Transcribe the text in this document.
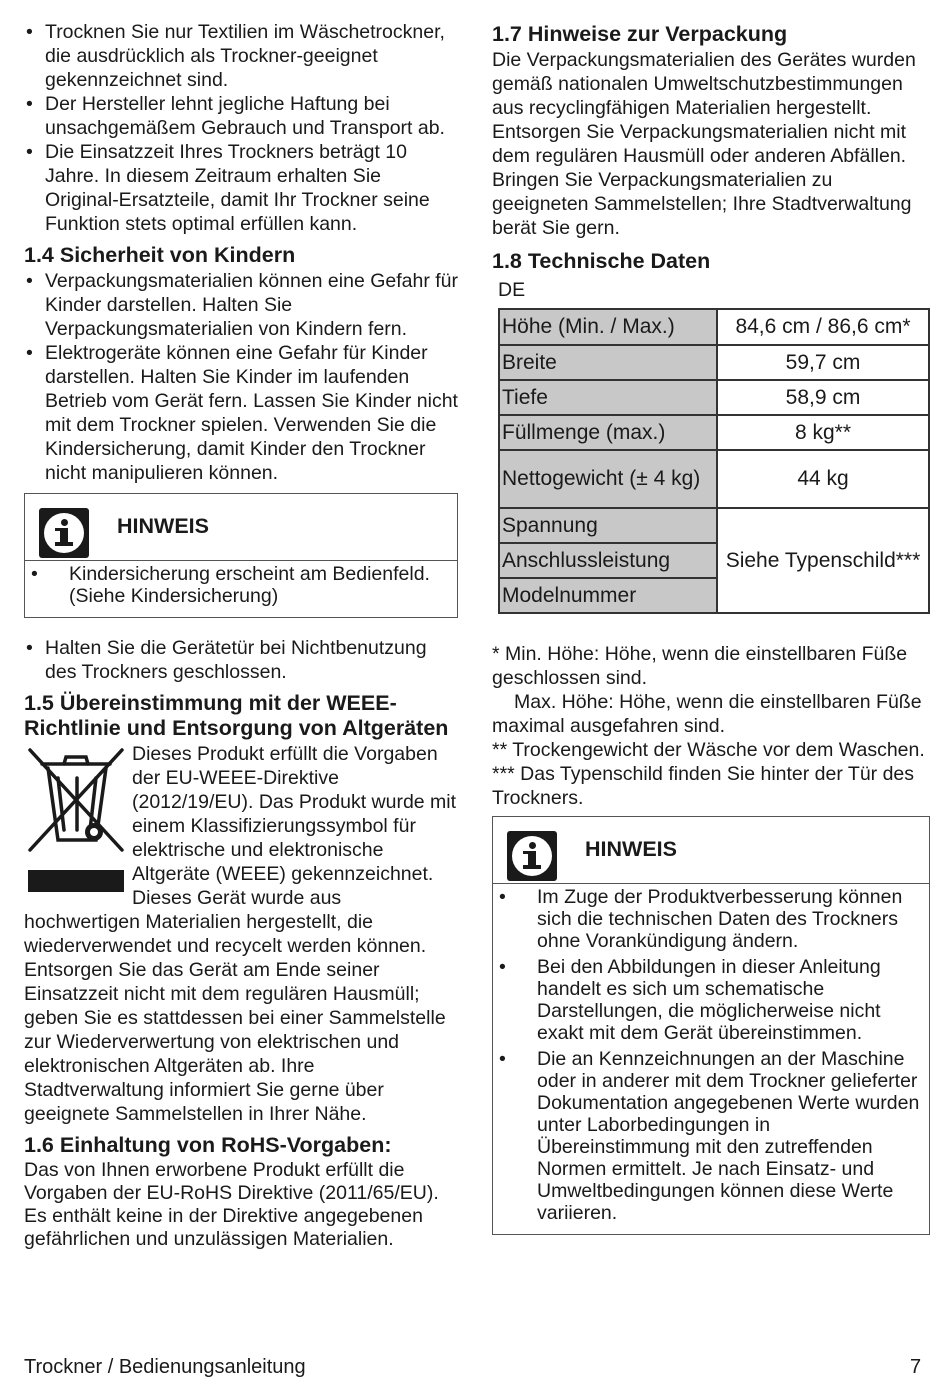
• Trocknen Sie nur Textilien im Wäschetrockner, die ausdrücklich als Trockner-geeignet gekennzeichnet sind.
• Der Hersteller lehnt jegliche Haftung bei unsachgemäßem Gebrauch und Transport ab.
• Die Einsatzzeit Ihres Trockners beträgt 10 Jahre. In diesem Zeitraum erhalten Sie Original-Ersatzteile, damit Ihr Trockner seine Funktion stets optimal erfüllen kann.
1.4 Sicherheit von Kindern
• Verpackungsmaterialien können eine Gefahr für Kinder darstellen. Halten Sie Verpackungsmaterialien von Kindern fern.
• Elektrogeräte können eine Gefahr für Kinder darstellen. Halten Sie Kinder im laufenden Betrieb vom Gerät fern. Lassen Sie Kinder nicht mit dem Trockner spielen. Verwenden Sie die Kindersicherung, damit Kinder den Trockner nicht manipulieren können.
HINWEIS
• Kindersicherung erscheint am Bedienfeld. (Siehe Kindersicherung)
• Halten Sie die Gerätetür bei Nichtbenutzung des Trockners geschlossen.
1.5 Übereinstimmung mit der WEEE-Richtlinie und Entsorgung von Altgeräten

Dieses Produkt erfüllt die Vorgaben der EU-WEEE-Direktive (2012/19/EU). Das Produkt wurde mit einem Klassifizierungssymbol für elektrische und elektronische Altgeräte (WEEE) gekennzeichnet. Dieses Gerät wurde aus hochwertigen Materialien hergestellt, die wiederverwendet und recycelt werden können. Entsorgen Sie das Gerät am Ende seiner Einsatzzeit nicht mit dem regulären Hausmüll; geben Sie es stattdessen bei einer Sammelstelle zur Wiederverwertung von elektrischen und elektronischen Altgeräten ab. Ihre Stadtverwaltung informiert Sie gerne über geeignete Sammelstellen in Ihrer Nähe.

1.6 Einhaltung von RoHS-Vorgaben:

Das von Ihnen erworbene Produkt erfüllt die Vorgaben der EU-RoHS Direktive (2011/65/EU). Es enthält keine in der Direktive angegebenen gefährlichen und unzulässigen Materialien.

1.7 Hinweise zur Verpackung

Die Verpackungsmaterialien des Gerätes wurden gemäß nationalen Umweltschutzbestimmungen aus recyclingfähigen Materialien hergestellt. Entsorgen Sie Verpackungsmaterialien nicht mit dem regulären Hausmüll oder anderen Abfällen. Bringen Sie Verpackungsmaterialien zu geeigneten Sammelstellen; Ihre Stadtverwaltung berät Sie gern.

1.8 Technische Daten
DE
Höhe (Min. / Max.)	84,6 cm / 86,6 cm*
Breite	59,7 cm
Tiefe	58,9 cm
Füllmenge (max.)	8 kg**
Nettogewicht (± 4 kg)	44 kg
Spannung	Siehe Typenschild***
Anschlussleistung	
Modelnummer	

* Min. Höhe: Höhe, wenn die einstellbaren Füße geschlossen sind.

Max. Höhe: Höhe, wenn die einstellbaren Füße maximal ausgefahren sind.

** Trockengewicht der Wäsche vor dem Waschen.

*** Das Typenschild finden Sie hinter der Tür des Trockners.

HINWEIS
• Im Zuge der Produktverbesserung können sich die technischen Daten des Trockners ohne Vorankündigung ändern.
• Bei den Abbildungen in dieser Anleitung handelt es sich um schematische Darstellungen, die möglicherweise nicht exakt mit dem Gerät übereinstimmen.
• Die an Kennzeichnungen an der Maschine oder in anderer mit dem Trockner gelieferter Dokumentation angegebenen Werte wurden unter Laborbedingungen in Übereinstimmung mit den zutreffenden Normen ermittelt. Je nach Einsatz- und Umweltbedingungen können diese Werte variieren.
Trockner / Bedienungsanleitung	7
